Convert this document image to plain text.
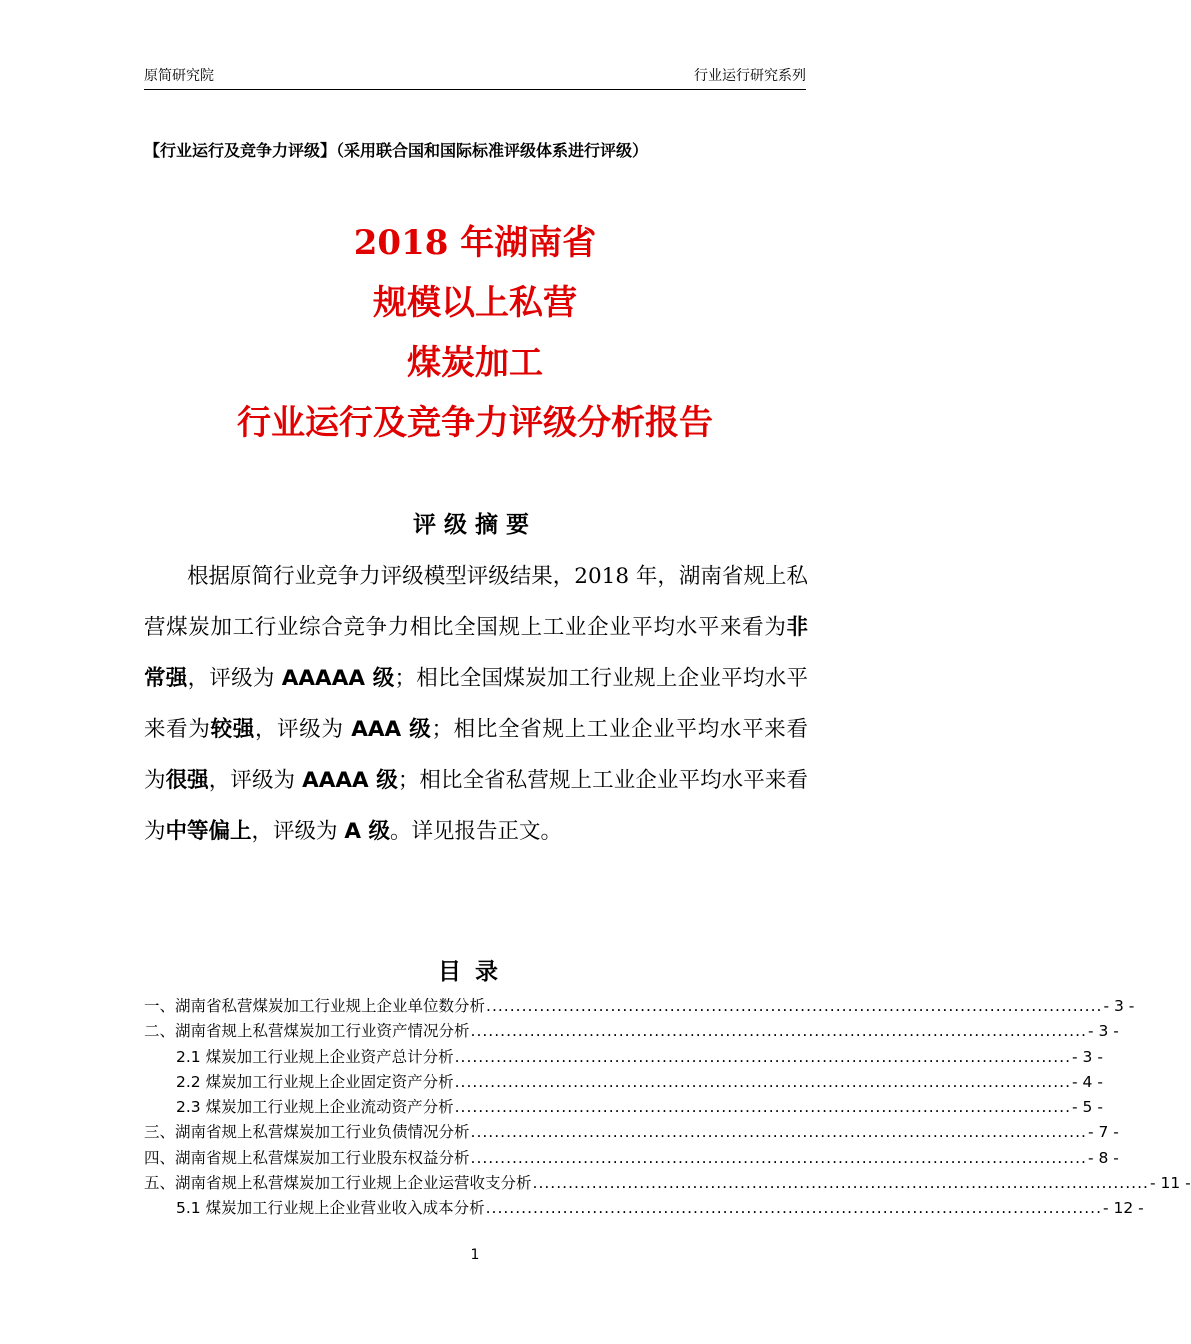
原简研究院	行业运行研究系列
【行业运行及竞争力评级】（采用联合国和国际标准评级体系进行评级）
2018 年湖南省
规模以上私营
煤炭加工
行业运行及竞争力评级分析报告
评级摘要
根据原简行业竞争力评级模型评级结果，2018 年，湖南省规上私营煤炭加工行业综合竞争力相比全国规上工业企业平均水平来看为非常强，评级为 AAAAA 级；相比全国煤炭加工行业规上企业平均水平来看为较强，评级为 AAA 级；相比全省规上工业企业平均水平来看为很强，评级为 AAAA 级；相比全省私营规上工业企业平均水平来看为中等偏上，评级为 A 级。详见报告正文。
目录
一、湖南省私营煤炭加工行业规上企业单位数分析 ........................................................................................................ - 3 -
二、湖南省规上私营煤炭加工行业资产情况分析 ........................................................................................................ - 3 -
2.1 煤炭加工行业规上企业资产总计分析 ........................................................................................................ - 3 -
2.2 煤炭加工行业规上企业固定资产分析 ........................................................................................................ - 4 -
2.3 煤炭加工行业规上企业流动资产分析 ........................................................................................................ - 5 -
三、湖南省规上私营煤炭加工行业负债情况分析 ........................................................................................................ - 7 -
四、湖南省规上私营煤炭加工行业股东权益分析 ........................................................................................................ - 8 -
五、湖南省规上私营煤炭加工行业规上企业运营收支分析 ........................................................................................................ - 11 -
5.1 煤炭加工行业规上企业营业收入成本分析 ........................................................................................................ - 12 -
1
